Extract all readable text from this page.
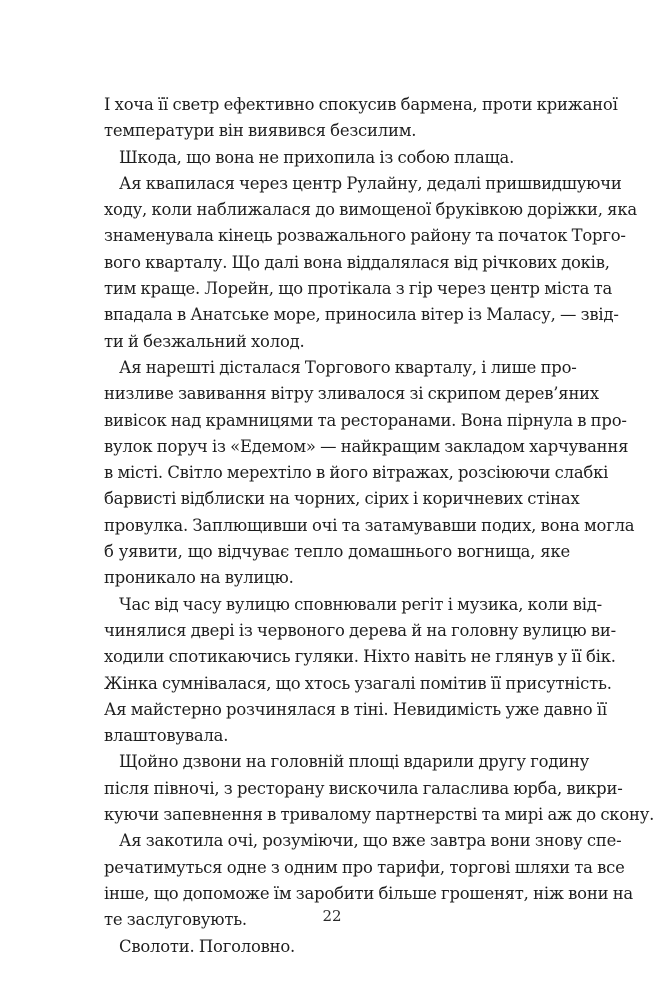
І хоча її светр ефективно спокусив бармена, проти крижаної
температури він виявився безсилим.

Шкода, що вона не прихопила із собою плаща.

Ая квапилася через центр Рулайну, дедалі пришвидшуючи
ходу, коли наближалася до вимощеної бруківкою доріжки, яка
знаменувала кінець розважального району та початок Торго-
вого кварталу. Що далі вона віддалялася від річкових доків,
тим краще. Лорейн, що протікала з гір через центр міста та
впадала в Анатське море, приносила вітер із Маласу, — звід-
ти й безжальний холод.

Ая нарешті дісталася Торгового кварталу, і лише про-
низливе завивання вітру зливалося зі скрипом дерев’яних
вивісок над крамницями та ресторанами. Вона пірнула в про-
вулок поруч із «Едемом» — найкращим закладом харчування
в місті. Світло мерехтіло в його вітражах, розсіюючи слабкі
барвисті відблиски на чорних, сірих і коричневих стінах
провулка. Заплющивши очі та затамувавши подих, вона могла
б уявити, що відчуває тепло домашнього вогнища, яке
проникало на вулицю.

Час від часу вулицю сповнювали регіт і музика, коли від-
чинялися двері із червоного дерева й на головну вулицю ви-
ходили спотикаючись гуляки. Ніхто навіть не глянув у її бік.
Жінка сумнівалася, що хтось узагалі помітив її присутність.
Ая майстерно розчинялася в тіні. Невидимість уже давно її
влаштовувала.

Щойно дзвони на головній площі вдарили другу годину
після півночі, з ресторану вискочила галаслива юрба, викри-
куючи запевнення в тривалому партнерстві та мирі аж до скону.

Ая закотила очі, розуміючи, що вже завтра вони знову спе-
речатимуться одне з одним про тарифи, торгові шляхи та все
інше, що допоможе їм заробити більше грошенят, ніж вони на
те заслуговують.

Сволоти. Поголовно.

22
